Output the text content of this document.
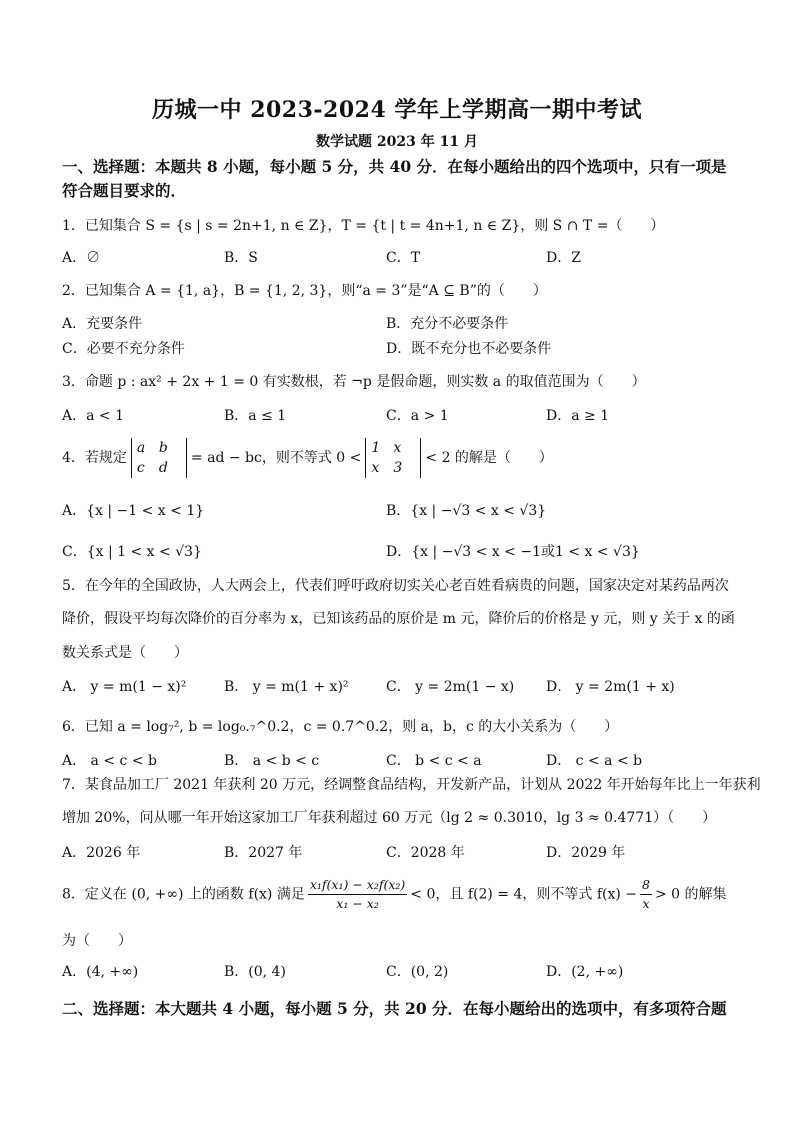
历城一中 2023-2024 学年上学期高一期中考试
数学试题 2023 年 11 月
一、选择题：本题共 8 小题，每小题 5 分，共 40 分．在每小题给出的四个选项中，只有一项是
符合题目要求的．
1．已知集合 S = {s | s = 2n+1, n ∈ Z}，T = {t | t = 4n+1, n ∈ Z}，则 S ∩ T =（　　）
A．∅	B．S	C．T	D．Z
2．已知集合 A = {1, a}，B = {1, 2, 3}，则“a = 3”是“A ⊆ B”的（　　）
A．充要条件	B．充分不必要条件
C．必要不充分条件	D．既不充分也不必要条件
3．命题 p : ax² + 2x + 1 = 0 有实数根，若 ¬p 是假命题，则实数 a 的取值范围为（　　）
A．a < 1	B．a ≤ 1	C．a > 1	D．a ≥ 1
4．若规定a b
c d= ad − bc，则不等式 0 <1 x
x 3< 2 的解是（　　）
A．{x | −1 < x < 1}	B．{x | −√3 < x < √3}
C．{x | 1 < x < √3}	D．{x | −√3 < x < −1或1 < x < √3}
5．在今年的全国政协，人大两会上，代表们呼吁政府切实关心老百姓看病贵的问题，国家决定对某药品两次
降价，假设平均每次降价的百分率为 x，已知该药品的原价是 m 元，降价后的价格是 y 元，则 y 关于 x 的函
数关系式是（　　）
A． y = m(1 − x)²	B． y = m(1 + x)²	C． y = 2m(1 − x) D． y = 2m(1 + x)
6．已知 a = log₇², b = log₀.₇^0.2，c = 0.7^0.2，则 a，b，c 的大小关系为（　　）
A． a < c < b	B． a < b < c	C． b < c < a	D． c < a < b
7．某食品加工厂 2021 年获利 20 万元，经调整食品结构，开发新产品，计划从 2022 年开始每年比上一年获利
增加 20%，问从哪一年开始这家加工厂年获利超过 60 万元（lg 2 ≈ 0.3010，lg 3 ≈ 0.4771）（　　）
A．2026 年	B．2027 年	C．2028 年	D．2029 年
8．定义在 (0, +∞) 上的函数 f(x) 满足 $\frac{\text{x₁f(x₁) − x₂f(x₂)}}{\text{x₁ − x₂}} < 0$，且 f(2) = 4，则不等式 $f(x) - \frac{8}{x} > 0$ 的解集
为（　　）
A．(4, +∞)	B．(0, 4)	C．(0, 2)	D．(2, +∞)
二、选择题：本大题共 4 小题，每小题 5 分，共 20 分．在每小题给出的选项中，有多项符合题
